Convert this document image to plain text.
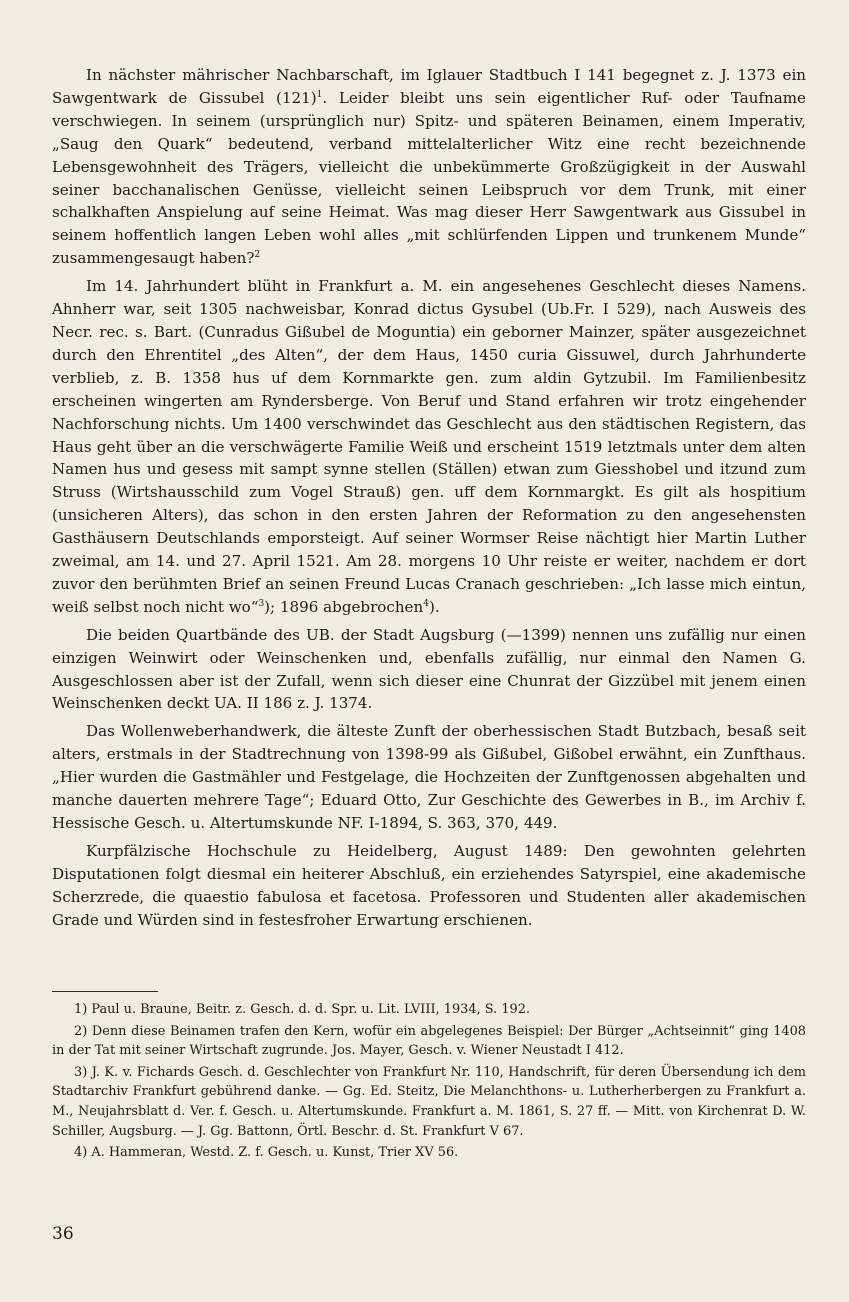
In nächster mährischer Nachbarschaft, im Iglauer Stadtbuch I 141 begegnet z. J. 1373 ein Sawgentwark de Gissubel $(121)^1$. Leider bleibt uns sein eigentlicher Ruf- oder Taufname verschwiegen. In seinem (ursprünglich nur) Spitz- und späteren Beinamen, einem Imperativ, „Saug den Quark“ bedeutend, verband mittelalterlicher Witz eine recht bezeichnende Lebensgewohnheit des Trägers, vielleicht die unbekümmerte Großzügigkeit in der Auswahl seiner bacchanalischen Genüsse, vielleicht seinen Leibspruch vor dem Trunk, mit einer schalkhaften Anspielung auf seine Heimat. Was mag dieser Herr Sawgentwark aus Gissubel in seinem hoffentlich langen Leben wohl alles „mit schlürfenden Lippen und trunkenem Munde“ zusammengesaugt haben?$^2$

Im 14. Jahrhundert blüht in Frankfurt a. M. ein angesehenes Geschlecht dieses Namens. Ahnherr war, seit 1305 nachweisbar, Konrad dictus Gysubel (Ub.Fr. I 529), nach Ausweis des Necr. rec. s. Bart. (Cunradus Gißubel de Moguntia) ein geborner Mainzer, später ausgezeichnet durch den Ehrentitel „des Alten“, der dem Haus, 1450 curia Gissuwel, durch Jahrhunderte verblieb, z. B. 1358 hus uf dem Kornmarkte gen. zum aldin Gytzubil. Im Familienbesitz erscheinen wingerten am Ryndersberge. Von Beruf und Stand erfahren wir trotz eingehender Nachforschung nichts. Um 1400 verschwindet das Geschlecht aus den städtischen Registern, das Haus geht über an die verschwägerte Familie Weiß und erscheint 1519 letztmals unter dem alten Namen hus und gesess mit sampt synne stellen (Ställen) etwan zum Giesshobel und itzund zum Struss (Wirtshausschild zum Vogel Strauß) gen. uff dem Kornmargkt. Es gilt als hospitium (unsicheren Alters), das schon in den ersten Jahren der Reformation zu den angesehensten Gasthäusern Deutschlands emporsteigt. Auf seiner Wormser Reise nächtigt hier Martin Luther zweimal, am 14. und 27. April 1521. Am 28. morgens 10 Uhr reiste er weiter, nachdem er dort zuvor den berühmten Brief an seinen Freund Lucas Cranach geschrieben: „Ich lasse mich eintun, weiß selbst noch nicht wo“$^3$); 1896 abgebrochen$^4$).

Die beiden Quartbände des UB. der Stadt Augsburg (—1399) nennen uns zufällig nur einen einzigen Weinwirt oder Weinschenken und, ebenfalls zufällig, nur einmal den Namen G. Ausgeschlossen aber ist der Zufall, wenn sich dieser eine Chunrat der Gizzübel mit jenem einen Weinschenken deckt UA. II 186 z. J. 1374.

Das Wollenweberhandwerk, die älteste Zunft der oberhessischen Stadt Butzbach, besaß seit alters, erstmals in der Stadtrechnung von 1398-99 als Gißubel, Gißobel erwähnt, ein Zunfthaus. „Hier wurden die Gastmähler und Festgelage, die Hochzeiten der Zunftgenossen abgehalten und manche dauerten mehrere Tage“; Eduard Otto, Zur Geschichte des Gewerbes in B., im Archiv f. Hessische Gesch. u. Altertumskunde NF. I-1894, S. 363, 370, 449.

Kurpfälzische Hochschule zu Heidelberg, August 1489: Den gewohnten gelehrten Disputationen folgt diesmal ein heiterer Abschluß, ein erziehendes Satyrspiel, eine akademische Scherzrede, die quaestio fabulosa et facetosa. Professoren und Studenten aller akademischen Grade und Würden sind in festesfroher Erwartung erschienen.

1) Paul u. Braune, Beitr. z. Gesch. d. d. Spr. u. Lit. LVIII, 1934, S. 192.

2) Denn diese Beinamen trafen den Kern, wofür ein abgelegenes Beispiel: Der Bürger „Achtseinnit“ ging 1408 in der Tat mit seiner Wirtschaft zugrunde. Jos. Mayer, Gesch. v. Wiener Neustadt I 412.

3) J. K. v. Fichards Gesch. d. Geschlechter von Frankfurt Nr. 110, Handschrift, für deren Übersendung ich dem Stadtarchiv Frankfurt gebührend danke. — Gg. Ed. Steitz, Die Melanchthons- u. Lutherherbergen zu Frankfurt a. M., Neujahrsblatt d. Ver. f. Gesch. u. Altertumskunde. Frankfurt a. M. 1861, S. 27 ff. — Mitt. von Kirchenrat D. W. Schiller, Augsburg. — J. Gg. Battonn, Örtl. Beschr. d. St. Frankfurt V 67.

4) A. Hammeran, Westd. Z. f. Gesch. u. Kunst, Trier XV 56.

36
